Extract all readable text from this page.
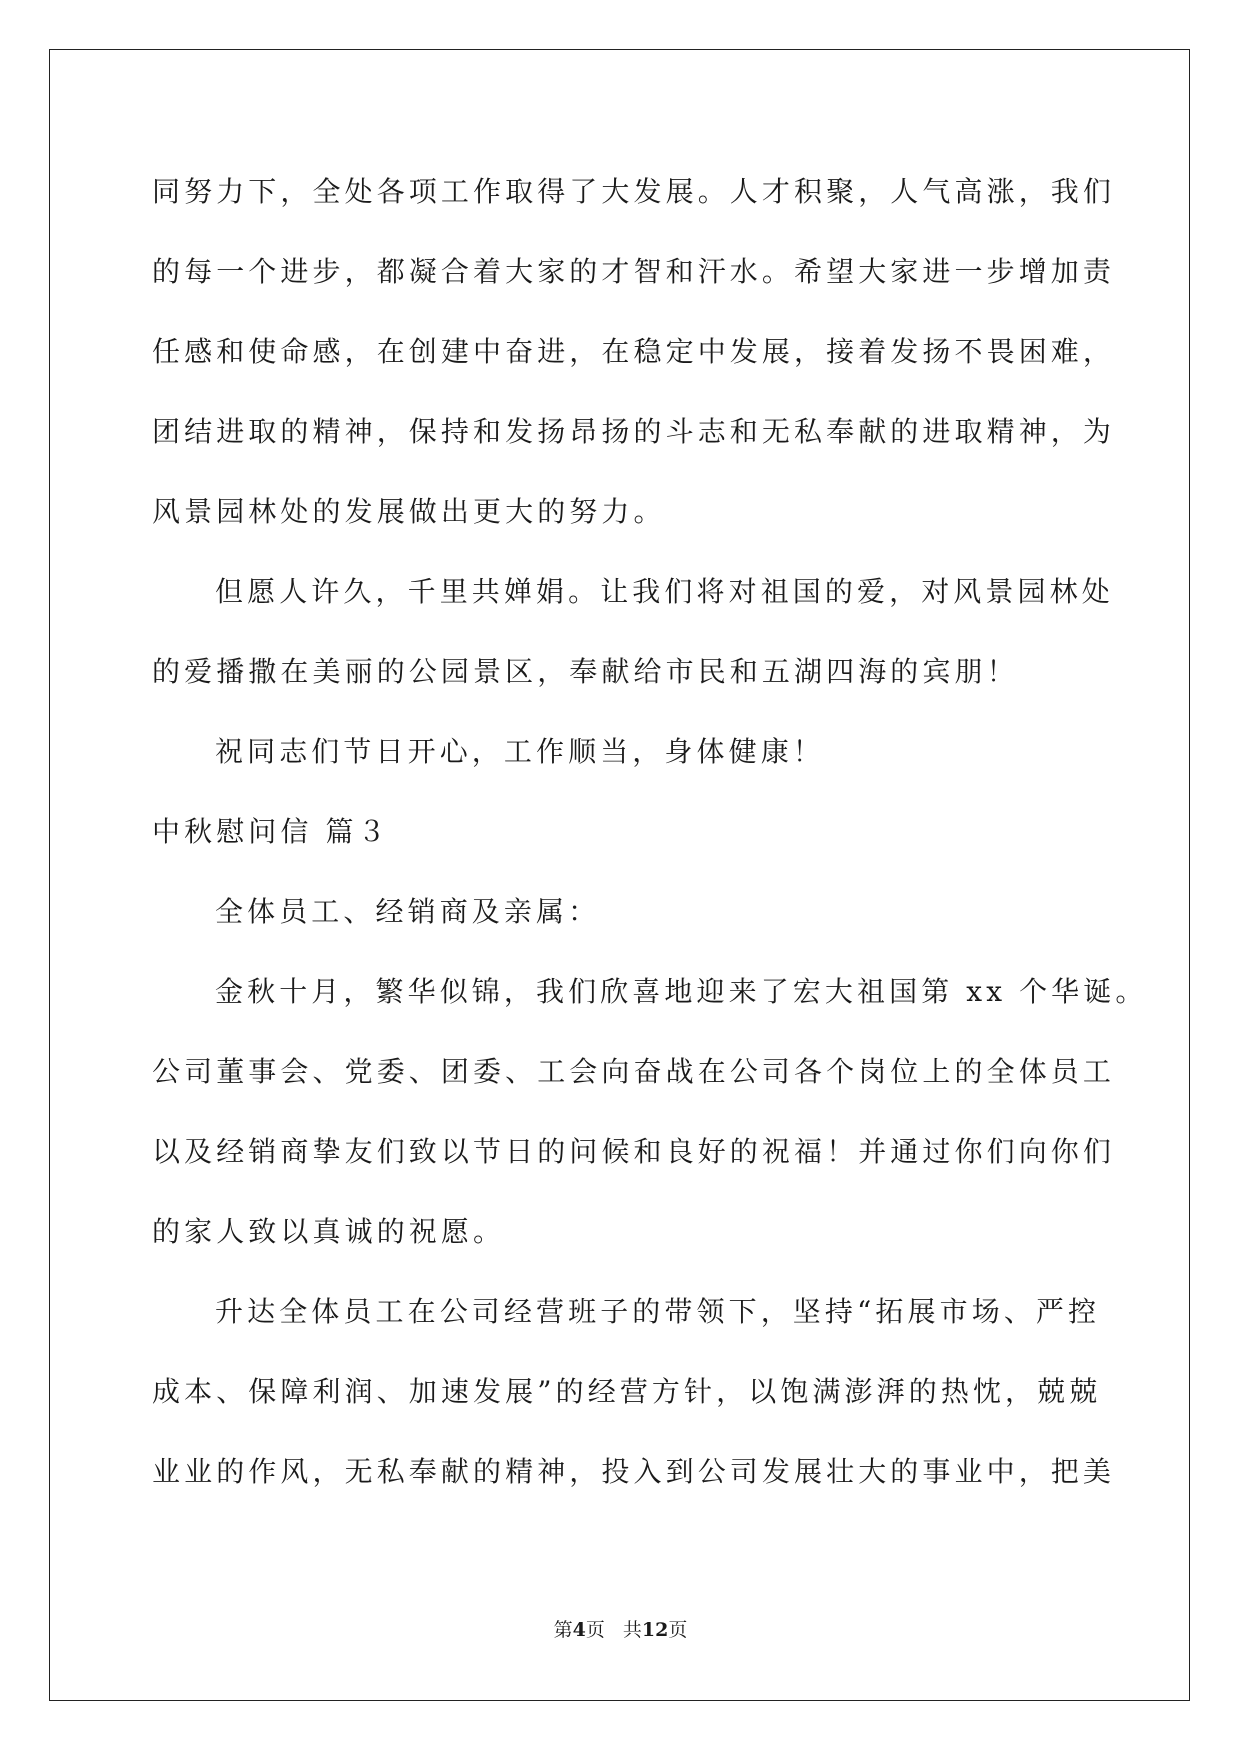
同努力下，全处各项工作取得了大发展。人才积聚，人气高涨，我们

的每一个进步，都凝合着大家的才智和汗水。希望大家进一步增加责

任感和使命感，在创建中奋进，在稳定中发展，接着发扬不畏困难，

团结进取的精神，保持和发扬昂扬的斗志和无私奉献的进取精神，为

风景园林处的发展做出更大的努力。

但愿人许久，千里共婵娟。让我们将对祖国的爱，对风景园林处

的爱播撒在美丽的公园景区，奉献给市民和五湖四海的宾朋！

祝同志们节日开心，工作顺当，身体健康！

中秋慰问信 篇３

全体员工、经销商及亲属：

金秋十月，繁华似锦，我们欣喜地迎来了宏大祖国第 xx 个华诞。

公司董事会、党委、团委、工会向奋战在公司各个岗位上的全体员工

以及经销商挚友们致以节日的问候和良好的祝福！并通过你们向你们

的家人致以真诚的祝愿。

升达全体员工在公司经营班子的带领下，坚持“拓展市场、严控

成本、保障利润、加速发展”的经营方针，以饱满澎湃的热忱，兢兢

业业的作风，无私奉献的精神，投入到公司发展壮大的事业中，把美

第4页 共12页
